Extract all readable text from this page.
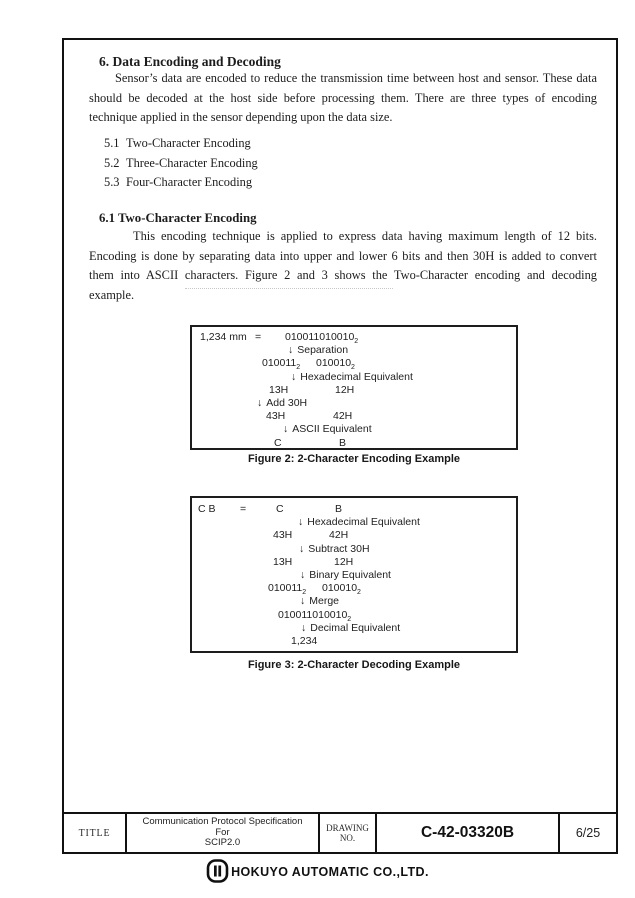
6. Data Encoding and Decoding
Sensor’s data are encoded to reduce the transmission time between host and sensor. These data should be decoded at the host side before processing them. There are three types of encoding technique applied in the sensor depending upon the data size.
5.1 Two-Character Encoding
5.2 Three-Character Encoding
5.3 Four-Character Encoding
6.1 Two-Character Encoding
This encoding technique is applied to express data having maximum length of 12 bits. Encoding is done by separating data into upper and lower 6 bits and then 30H is added to convert them into ASCII characters. Figure 2 and 3 shows the Two-Character encoding and decoding example.
1,234 mm = $010011010010_2$
↓ Separation
$010011_2$ $010010_2$
↓ Hexadecimal Equivalent
13H	12H
↓ Add 30H
43H	42H
↓ ASCII Equivalent
C	B
Figure 2: 2-Character Encoding Example
C B =	C	B
↓ Hexadecimal Equivalent
43H	42H
↓ Subtract 30H
13H	12H
↓ Binary Equivalent
$010011_2$ $010010_2$
↓ Merge
$010011010010_2$
↓ Decimal Equivalent
1,234
Figure 3: 2-Character Decoding Example
TITLE
Communication Protocol Specification
For
SCIP2.0
DRAWING
NO.	C-42-03320B	6/25
HOKUYO AUTOMATIC CO.,LTD.
